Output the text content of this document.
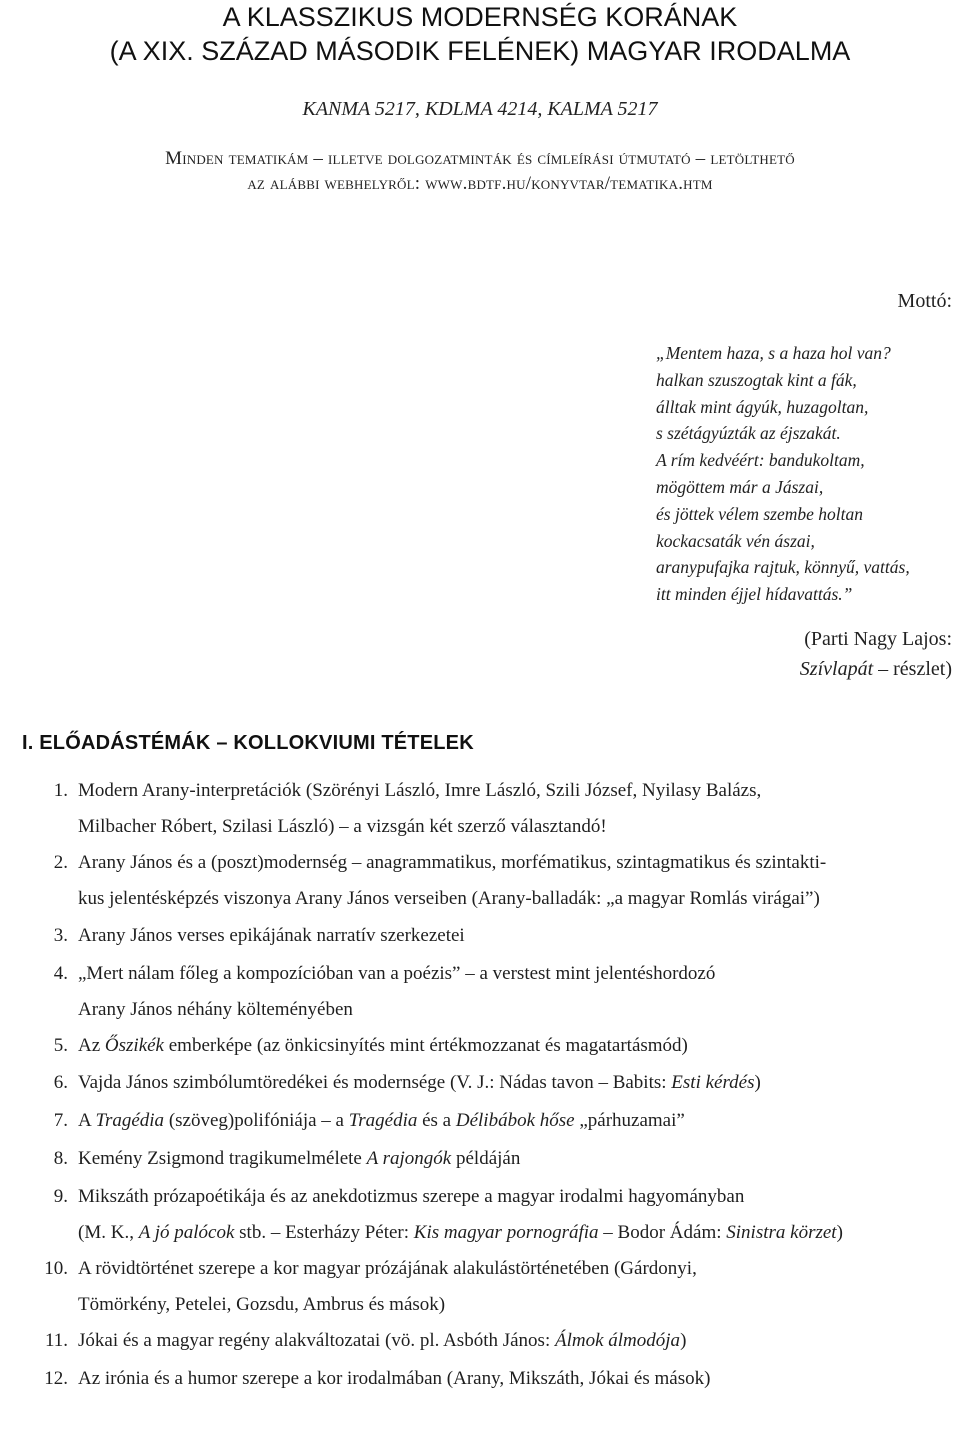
A KLASSZIKUS MODERNSÉG KORÁNAK
(A XIX. SZÁZAD MÁSODIK FELÉNEK) MAGYAR IRODALMA
KANMA 5217, KDLMA 4214, KALMA 5217
Minden tematikám – illetve dolgozatminták és címleírási útmutató – letölthető
az alábbi webhelyről: www.bdtf.hu/konyvtar/tematika.htm
Mottó:
„Mentem haza, s a haza hol van?
halkan szuszogtak kint a fák,
álltak mint ágyúk, huzagoltan,
s szétágyúzták az éjszakát.
A rím kedvéért: bandukoltam,
mögöttem már a Jászai,
és jöttek vélem szembe holtan
kockacsaták vén ászai,
aranypufajka rajtuk, könnyű, vattás,
itt minden éjjel hídavattás.”
(Parti Nagy Lajos:
Szívlapát – részlet)
I. ELŐADÁSTÉMÁK – KOLLOKVIUMI TÉTELEK
1. Modern Arany-interpretációk (Szörényi László, Imre László, Szili József, Nyilasy Balázs,
Milbacher Róbert, Szilasi László) – a vizsgán két szerző választandó!
2. Arany János és a (poszt)modernség – anagrammatikus, morfématikus, szintagmatikus és szintakti-
kus jelentésképzés viszonya Arany János verseiben (Arany-balladák: „a magyar Romlás virágai”)
3. Arany János verses epikájának narratív szerkezetei
4. „Mert nálam főleg a kompozícióban van a poézis” – a verstest mint jelentéshordozó
Arany János néhány költeményében
5. Az Őszikék emberképe (az önkicsinyítés mint értékmozzanat és magatartásmód)
6. Vajda János szimbólumtöredékei és modernsége (V. J.: Nádas tavon – Babits: Esti kérdés)
7. A Tragédia (szöveg)polifóniája – a Tragédia és a Délibábok hőse „párhuzamai”
8. Kemény Zsigmond tragikumelmélete A rajongók példáján
9. Mikszáth prózapoétikája és az anekdotizmus szerepe a magyar irodalmi hagyományban
(M. K., A jó palócok stb. – Esterházy Péter: Kis magyar pornográfia – Bodor Ádám: Sinistra körzet)
10. A rövidtörténet szerepe a kor magyar prózájának alakulástörténetében (Gárdonyi,
Tömörkény, Petelei, Gozsdu, Ambrus és mások)
11. Jókai és a magyar regény alakváltozatai (vö. pl. Asbóth János: Álmok álmodója)
12. Az irónia és a humor szerepe a kor irodalmában (Arany, Mikszáth, Jókai és mások)
